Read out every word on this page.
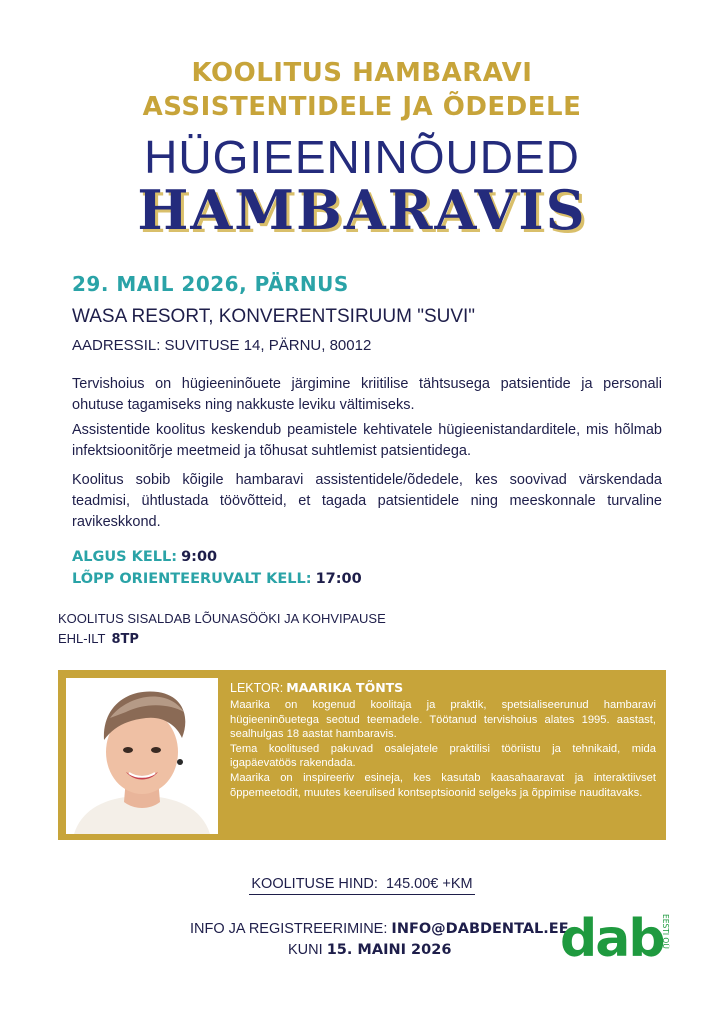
KOOLITUS HAMBARAVI
ASSISTENTIDELE JA ÕDEDELE
HÜGIEENINÕUDED
HAMBARAVIS
29. MAIL 2026, PÄRNUS
WASA RESORT, KONVERENTSIRUUM "SUVI"
AADRESSIL: SUVITUSE 14, PÄRNU, 80012
Tervishoius on hügieeninõuete järgimine kriitilise tähtsusega patsientide ja personali ohutuse tagamiseks ning nakkuste leviku vältimiseks.
Assistentide koolitus keskendub peamistele kehtivatele hügieenistandarditele, mis hõlmab infektsioonitõrje meetmeid ja tõhusat suhtlemist patsientidega.
Koolitus sobib kõigile hambaravi assistentidele/õdedele, kes soovivad värskendada teadmisi, ühtlustada töövõtteid, et tagada patsientidele ning meeskonnale turvaline ravikeskkond.
ALGUS KELL: 9:00
LÕPP ORIENTEERUVALT KELL: 17:00
KOOLITUS SISALDAB LÕUNASÖÖKI JA KOHVIPAUSE
EHL-ILT 8TP
LEKTOR: MAARIKA TÕNTS

Maarika on kogenud koolitaja ja praktik, spetsialiseerunud hambaravi hügieeninõuetega seotud teemadele. Töötanud tervishoius alates 1995. aastast, sealhulgas 18 aastat hambaravis.

Tema koolitused pakuvad osalejatele praktilisi tööriistu ja tehnikaid, mida igapäevatöös rakendada.

Maarika on inspireeriv esineja, kes kasutab kaasahaaravat ja interaktiivset õppemeetodit, muutes keerulised kontseptsioonid selgeks ja õppimise nauditavaks.

KOOLITUSE HIND: 145.00€ +KM
INFO JA REGISTREERIMINE: INFO@DABDENTAL.EE
KUNI 15. MAINI 2026 dab
EESTI OÜ
